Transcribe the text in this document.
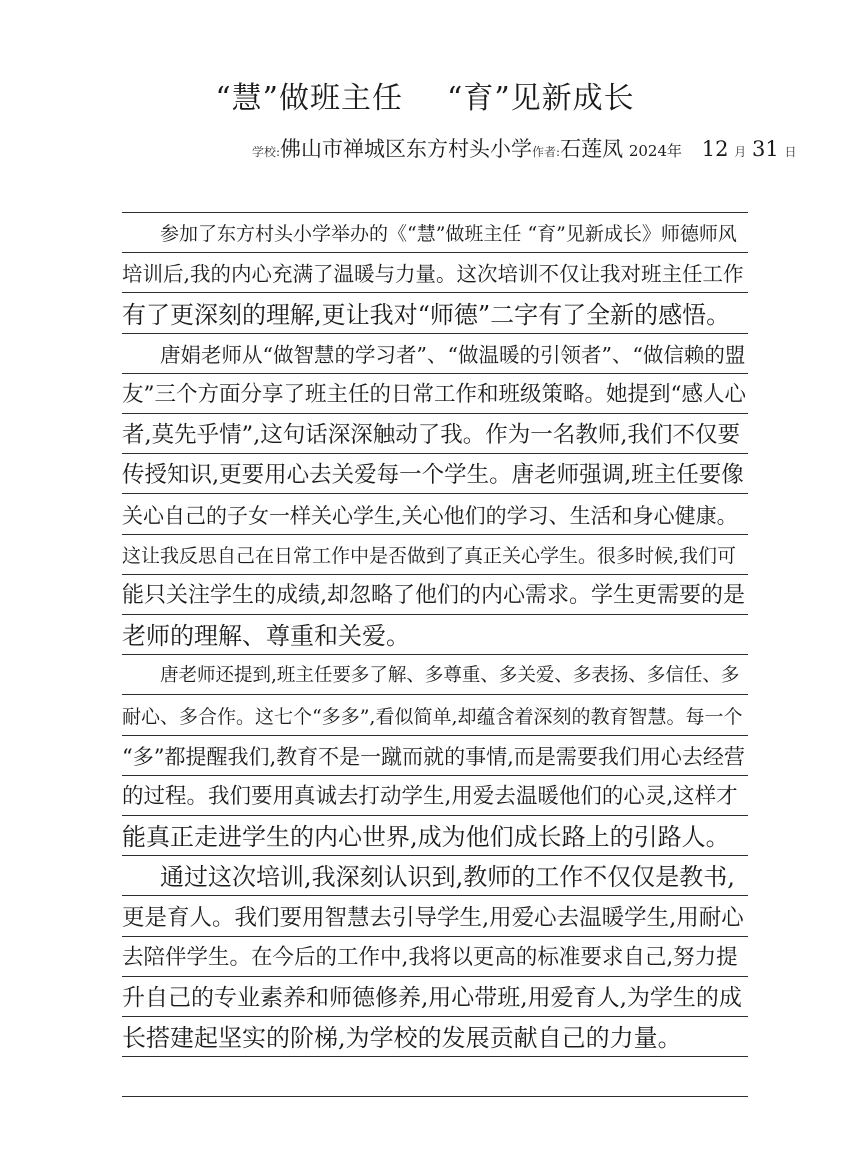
“慧”做班主任 “育”见新成长
学校:佛山市禅城区东方村头小学作者:石莲凤 2024年 12 月 31 日
参加了东方村头小学举办的《“慧”做班主任 “育”见新成长》师德师风
培训后,我的内心充满了温暖与力量。这次培训不仅让我对班主任工作
有了更深刻的理解,更让我对“师德”二字有了全新的感悟。
唐娟老师从“做智慧的学习者”、“做温暖的引领者”、“做信赖的盟
友”三个方面分享了班主任的日常工作和班级策略。她提到“感人心
者,莫先乎情”,这句话深深触动了我。作为一名教师,我们不仅要
传授知识,更要用心去关爱每一个学生。唐老师强调,班主任要像
关心自己的子女一样关心学生,关心他们的学习、生活和身心健康。
这让我反思自己在日常工作中是否做到了真正关心学生。很多时候,我们可
能只关注学生的成绩,却忽略了他们的内心需求。学生更需要的是
老师的理解、尊重和关爱。
唐老师还提到,班主任要多了解、多尊重、多关爱、多表扬、多信任、多
耐心、多合作。这七个“多多”,看似简单,却蕴含着深刻的教育智慧。每一个
“多”都提醒我们,教育不是一蹴而就的事情,而是需要我们用心去经营
的过程。我们要用真诚去打动学生,用爱去温暖他们的心灵,这样才
能真正走进学生的内心世界,成为他们成长路上的引路人。
通过这次培训,我深刻认识到,教师的工作不仅仅是教书,
更是育人。我们要用智慧去引导学生,用爱心去温暖学生,用耐心
去陪伴学生。在今后的工作中,我将以更高的标准要求自己,努力提
升自己的专业素养和师德修养,用心带班,用爱育人,为学生的成
长搭建起坚实的阶梯,为学校的发展贡献自己的力量。
